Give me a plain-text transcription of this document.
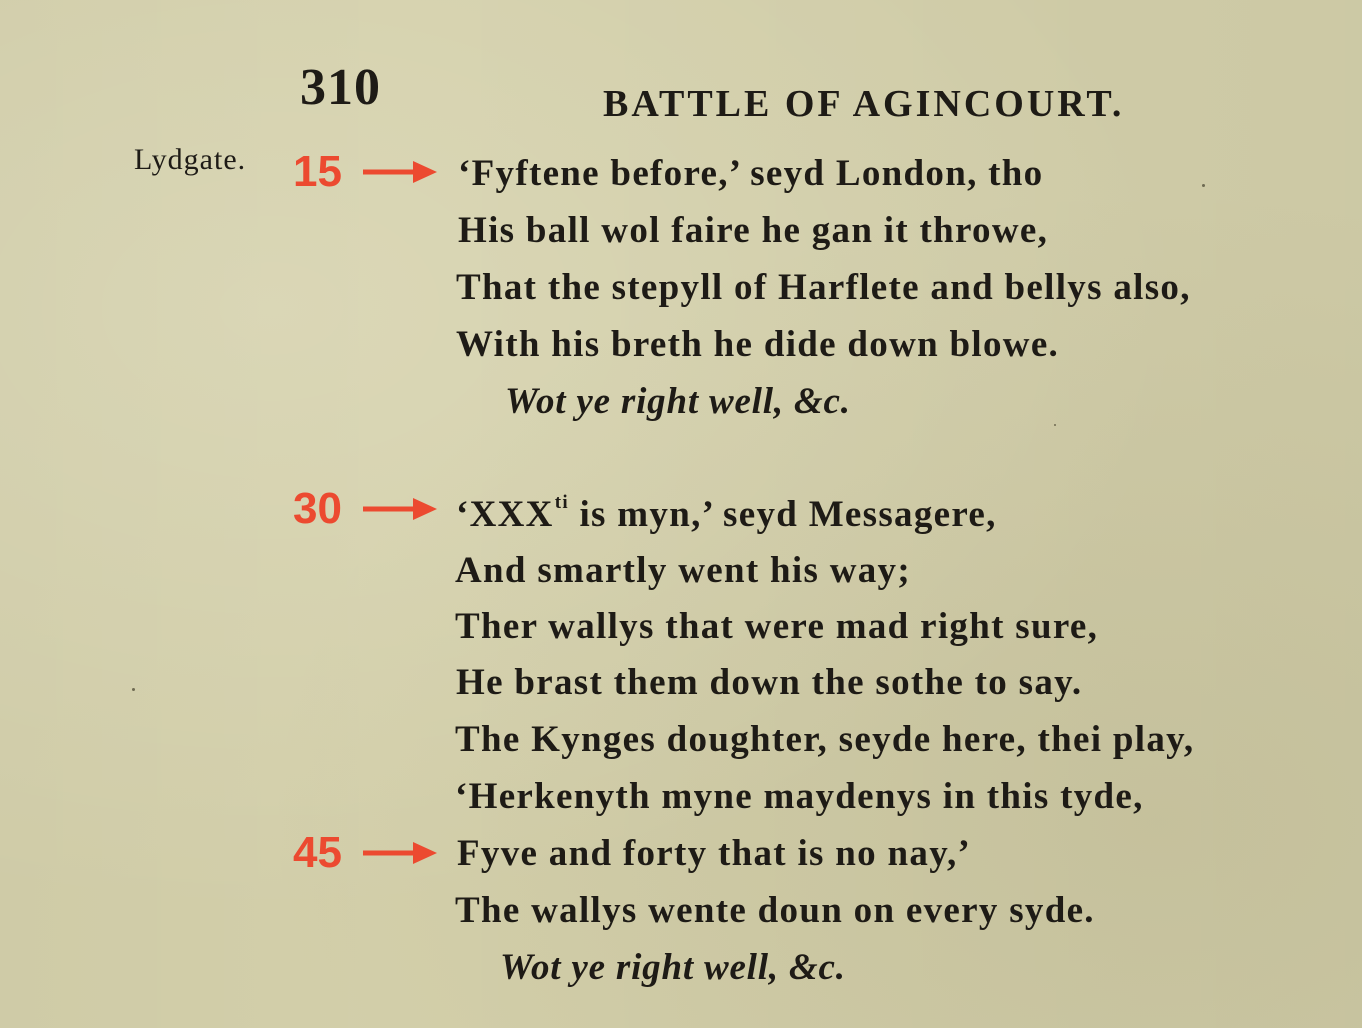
310	BATTLE OF AGINCOURT.
Lydgate. 15
30
45
‘Fyftene before,’ seyd London, tho
His ball wol faire he gan it throwe,
That the stepyll of Harflete and bellys also,
With his breth he dide down blowe.
Wot ye right well, &c.
‘$XXX^{ti}$ is myn,’ seyd Messagere,
And smartly went his way;
Ther wallys that were mad right sure,
He brast them down the sothe to say.
The Kynges doughter, seyde here, thei play,
‘Herkenyth myne maydenys in this tyde,
Fyve and forty that is no nay,’
The wallys wente doun on every syde.
Wot ye right well, &c.
